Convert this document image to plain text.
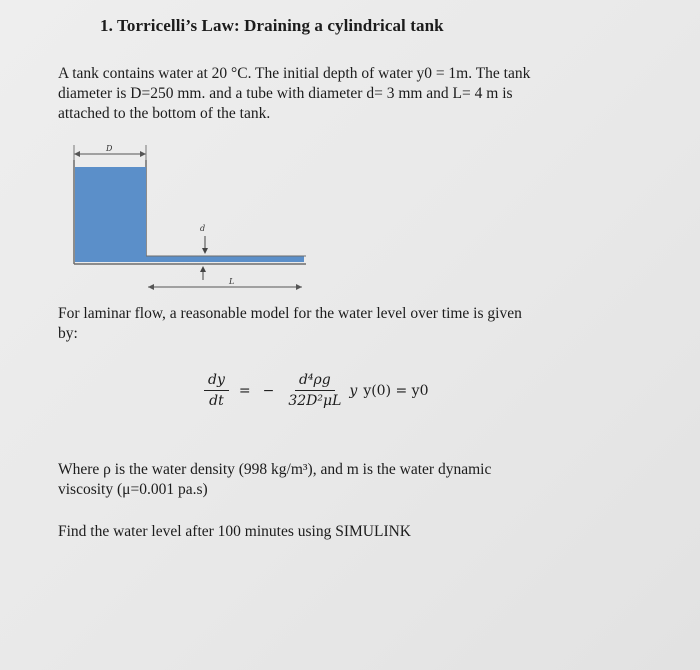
1. Torricelli’s Law: Draining a cylindrical tank
A tank contains water at 20 °C. The initial depth of water y0 = 1m. The tank
diameter is D=250 mm. and a tube with diameter d= 3 mm and L= 4 m is
attached to the bottom of the tank.
D
d
L
For laminar flow, a reasonable model for the water level over time is given
by:
$\frac{dy}{dt}$ = − $\frac{\text{d⁴ρg}}{\text{32D²μL}}$ y y(0) = y0
Where ρ is the water density (998 kg/m³), and m is the water dynamic
viscosity (μ=0.001 pa.s)
Find the water level after 100 minutes using SIMULINK
